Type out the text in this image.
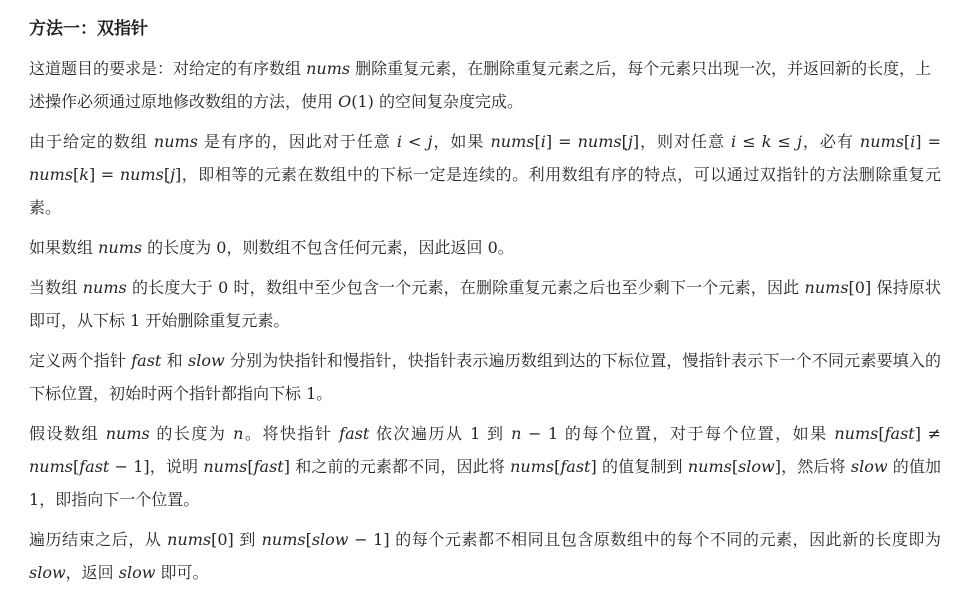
方法一：双指针

这道题目的要求是：对给定的有序数组 nums 删除重复元素，在删除重复元素之后，每个元素只出现一次，并返回新的长度，上述操作必须通过原地修改数组的方法，使用 O(1) 的空间复杂度完成。

由于给定的数组 nums 是有序的，因此对于任意 i < j，如果 nums[i] = nums[j]，则对任意 i ≤ k ≤ j，必有 nums[i] = nums[k] = nums[j]，即相等的元素在数组中的下标一定是连续的。利用数组有序的特点，可以通过双指针的方法删除重复元素。

如果数组 nums 的长度为 0，则数组不包含任何元素，因此返回 0。

当数组 nums 的长度大于 0 时，数组中至少包含一个元素，在删除重复元素之后也至少剩下一个元素，因此 nums[0] 保持原状即可，从下标 1 开始删除重复元素。

定义两个指针 fast 和 slow 分别为快指针和慢指针，快指针表示遍历数组到达的下标位置，慢指针表示下一个不同元素要填入的下标位置，初始时两个指针都指向下标 1。

假设数组 nums 的长度为 n。将快指针 fast 依次遍历从 1 到 n − 1 的每个位置，对于每个位置，如果 nums[fast] ≠ nums[fast − 1]，说明 nums[fast] 和之前的元素都不同，因此将 nums[fast] 的值复制到 nums[slow]，然后将 slow 的值加 1，即指向下一个位置。

遍历结束之后，从 nums[0] 到 nums[slow − 1] 的每个元素都不相同且包含原数组中的每个不同的元素，因此新的长度即为 slow，返回 slow 即可。
